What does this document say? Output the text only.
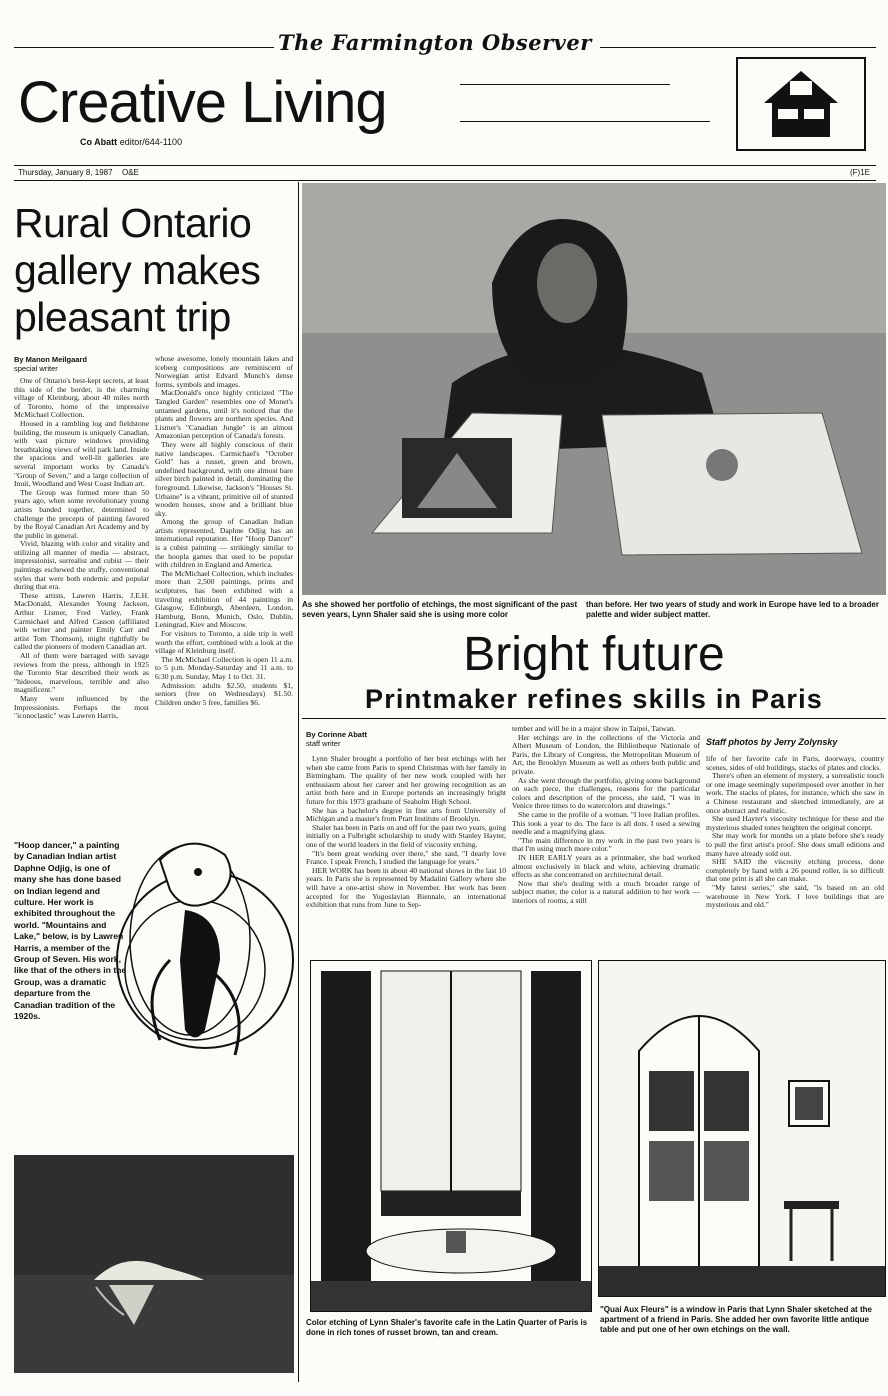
The Farmington Observer
Creative Living
Co Abatt editor/644-1100
Thursday, January 8, 1987 O&E	(F)1E
Rural Ontario gallery makes pleasant trip
By Manon Meilgaard
special writer

One of Ontario's best-kept secrets, at least this side of the border, is the charming village of Kleinburg, about 40 miles north of Toronto, home of the impressive McMichael Collection.

Housed in a rambling log and fieldstone building, the museum is uniquely Canadian, with vast picture windows providing breathtaking views of wild park land. Inside the spacious and well-lit galleries are several important works by Canada's "Group of Seven," and a large collection of Inuit, Woodland and West Coast Indian art.

The Group was formed more than 50 years ago, when some revolutionary young artists banded together, determined to challenge the precepts of painting favored by the Royal Canadian Art Academy and by the public in general.

Vivid, blazing with color and vitality and utilizing all manner of media — abstract, impressionist, surrealist and cubist — their paintings eschewed the stuffy, conventional styles that were both endemic and popular during that era.

These artists, Lawren Harris, J.E.H. MacDonald, Alexander Young Jackson, Arthur Lismer, Fred Varley, Frank Carmichael and Alfred Casson (affiliated with writer and painter Emily Carr and artist Tom Thomson), might rightfully be called the pioneers of modern Canadian art.

All of them were barraged with savage reviews from the press, although in 1925 the Toronto Star described their work as "hideous, marvelous, terrible and also magnificent."

Many were influenced by the Impressionists. Perhaps the most "iconoclastic" was Lawren Harris,

whose awesome, lonely mountain lakes and iceberg compositions are reminiscent of Norwegian artist Edvard Munch's dense forms, symbols and images.

MacDonald's once highly criticized "The Tangled Garden" resembles one of Monet's untamed gardens, until it's noticed that the plants and flowers are northern species. And Lismer's "Canadian Jungle" is an almost Amazonian perception of Canada's forests.

They were all highly conscious of their native landscapes. Carmichael's "October Gold" has a russet, green and brown, undefined background, with one almost bare silver birch painted in detail, dominating the foreground. Likewise, Jackson's "Houses St. Urbaine" is a vibrant, primitive oil of stunted wooden houses, snow and a brilliant blue sky.

Among the group of Canadian Indian artists represented, Daphne Odjig has an international reputation. Her "Hoop Dancer" is a cubist painting — strikingly similar to the hoopla games that used to be popular with children in England and America.

The McMichael Collection, which includes more than 2,500 paintings, prints and sculptures, has been exhibited with a traveling exhibition of 44 paintings in Glasgow, Edinburgh, Aberdeen, London, Hamburg, Bonn, Munich, Oslo, Dublin, Leningrad, Kiev and Moscow.

For visitors to Toronto, a side trip is well worth the effort, combined with a look at the village of Kleinburg itself.

The McMichael Collection is open 11 a.m. to 5 p.m. Monday-Saturday and 11 a.m. to 6:30 p.m. Sunday, May 1 to Oct. 31.

Admission: adults $2.50, students $1, seniors (free on Wednesdays) $1.50. Children under 5 free, families $6.

"Hoop dancer," a painting by Canadian Indian artist Daphne Odjig, is one of many she has done based on Indian legend and culture. Her work is exhibited throughout the world. "Mountains and Lake," below, is by Lawren Harris, a member of the Group of Seven. His work, like that of the others in the Group, was a dramatic departure from the Canadian tradition of the 1920s.
As she showed her portfolio of etchings, the most significant of the past seven years, Lynn Shaler said she is using more color
than before. Her two years of study and work in Europe have led to a broader palette and wider subject matter.
Bright future
Printmaker refines skills in Paris
By Corinne Abatt
staff writer	Staff photos by Jerry Zolynsky

Lynn Shaler brought a portfolio of her best etchings with her when she came from Paris to spend Christmas with her family in Birmingham. The quality of her new work coupled with her enthusiasm about her career and her growing recognition as an artist both here and in Europe portends an increasingly bright future for this 1973 graduate of Seaholm High School.

She has a bachelor's degree in fine arts from University of Michigan and a master's from Pratt Institute of Brooklyn.

Shaler has been in Paris on and off for the past two years, going initially on a Fulbright scholarship to study with Stanley Hayter, one of the world leaders in the field of viscosity etching.

"It's been great working over there," she said, "I dearly love France. I speak French, I studied the language for years."

HER WORK has been in about 40 national shows in the last 10 years. In Paris she is represented by Madalini Gallery where she will have a one-artist show in November. Her work has been accepted for the Yugoslavian Biennale, an international exhibition that runs from June to Sep-

tember and will be in a major show in Taipei, Taiwan.

Her etchings are in the collections of the Victoria and Albert Museum of London, the Bibliotheque Nationale of Paris, the Library of Congress, the Metropolitan Museum of Art, the Brooklyn Museum as well as others both public and private.

As she went through the portfolio, giving some background on each piece, the challenges, reasons for the particular colors and description of the process, she said, "I was in Venice three times to do watercolors and drawings."

She came to the profile of a woman. "I love Italian profiles. This took a year to do. The face is all dots. I used a sewing needle and a magnifying glass.

"The main difference in my work in the past two years is that I'm using much more color."

IN HER EARLY years as a printmaker, she had worked almost exclusively in black and white, achieving dramatic effects as she concentrated on architectural detail.

Now that she's dealing with a much broader range of subject matter, the color is a natural addition to her work — interiors of rooms, a still

life of her favorite cafe in Paris, doorways, country scenes, sides of old buildings, stacks of plates and clocks.

There's often an element of mystery, a surrealistic touch or one image seemingly superimposed over another in her work. The stacks of plates, for instance, which she saw in a Chinese restaurant and sketched immediately, are at once abstract and realistic.

She used Hayter's viscosity technique for these and the mysterious shaded tones heighten the original concept.

She may work for months on a plate before she's ready to pull the first artist's proof. She does small editions and many have already sold out.

SHE SAID the viscosity etching process, done completely by hand with a 26 pound roller, is so difficult that one print is all she can make.

"My latest series," she said, "is based on an old warehouse in New York. I love buildings that are mysterious and old."

Color etching of Lynn Shaler's favorite cafe in the Latin Quarter of Paris is done in rich tones of russet brown, tan and cream.
"Quai Aux Fleurs" is a window in Paris that Lynn Shaler sketched at the apartment of a friend in Paris. She added her own favorite little antique table and put one of her own etchings on the wall.
